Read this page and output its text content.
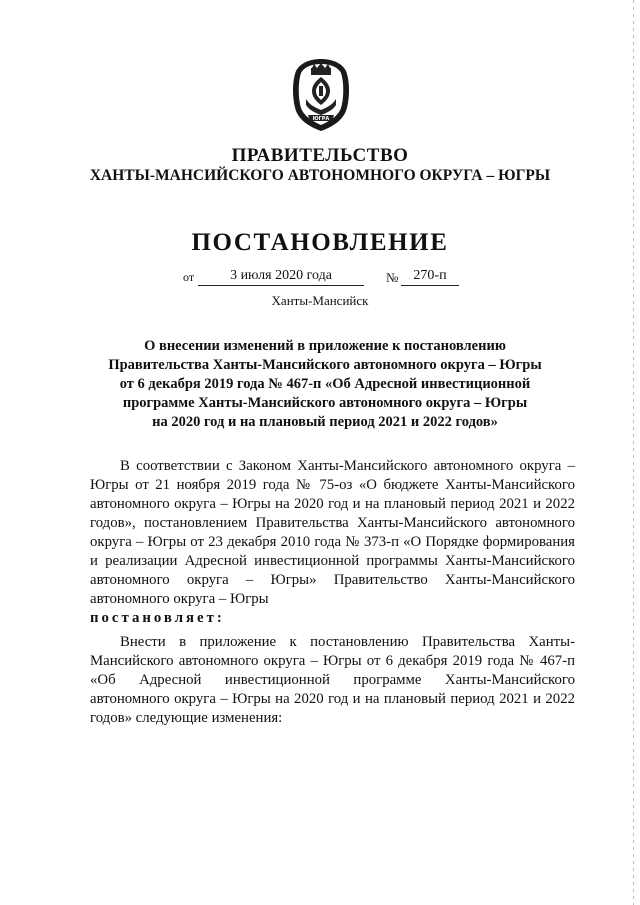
ЮГРА
ПРАВИТЕЛЬСТВО
ХАНТЫ-МАНСИЙСКОГО АВТОНОМНОГО ОКРУГА – ЮГРЫ
ПОСТАНОВЛЕНИЕ
от	3 июля 2020 года	№	270-п
Ханты-Мансийск
О внесении изменений в приложение к постановлению
Правительства Ханты-Мансийского автономного округа – Югры
от 6 декабря 2019 года № 467-п «Об Адресной инвестиционной
программе Ханты-Мансийского автономного округа – Югры
на 2020 год и на плановый период 2021 и 2022 годов»

В соответствии с Законом Ханты-Мансийского автономного округа – Югры от 21 ноября 2019 года № 75-оз «О бюджете Ханты-Мансийского автономного округа – Югры на 2020 год и на плановый период 2021 и 2022 годов», постановлением Правительства Ханты-Мансийского автономного округа – Югры от 23 декабря 2010 года № 373-п «О Порядке формирования и реализации Адресной инвестиционной программы Ханты-Мансийского автономного округа – Югры» Правительство Ханты-Мансийского автономного округа – Югры

постановляет:

Внести в приложение к постановлению Правительства Ханты-Мансийского автономного округа – Югры от 6 декабря 2019 года № 467-п «Об Адресной инвестиционной программе Ханты-Мансийского автономного округа – Югры на 2020 год и на плановый период 2021 и 2022 годов» следующие изменения:
